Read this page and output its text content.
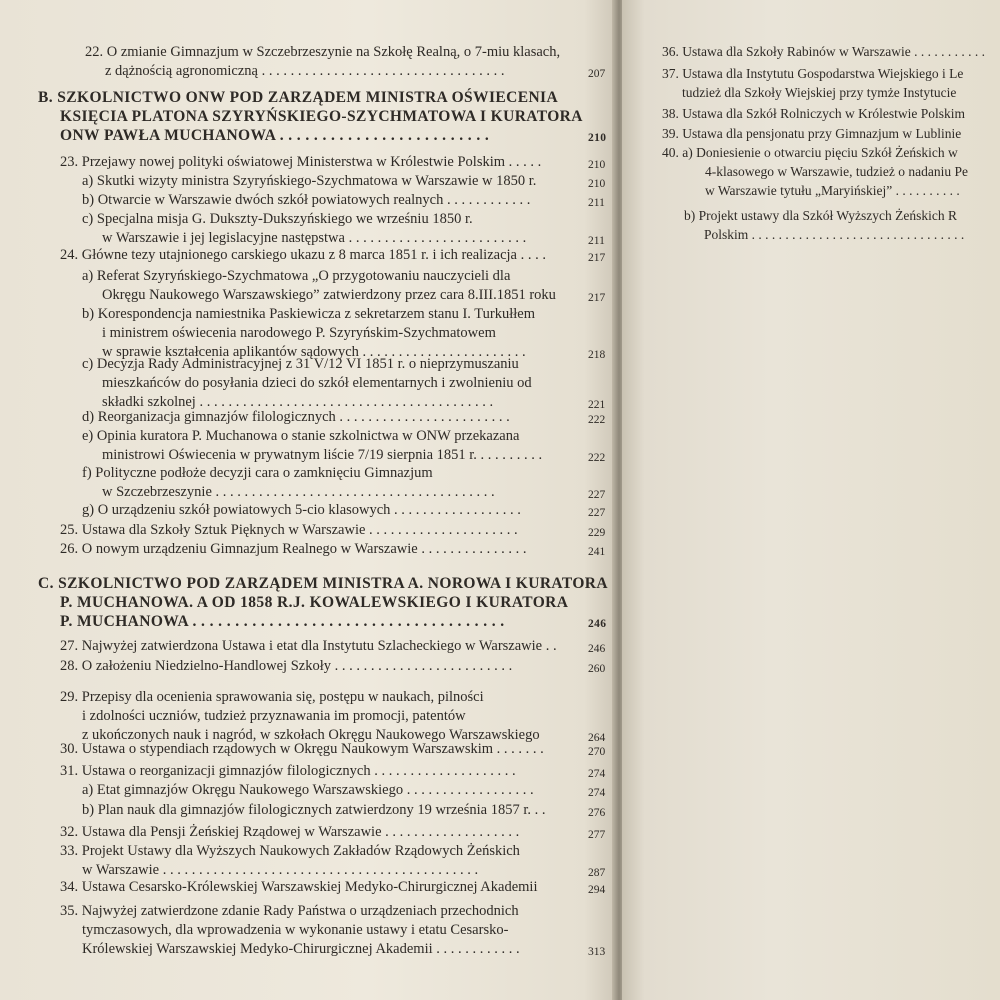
22. O zmianie Gimnazjum w Szczebrzeszynie na Szkołę Realną, o 7-miu klasach,
z dążnością agronomiczną . . . . . . . . . . . . . . . . . . . . . . . . . . . . . . . . . .	207
B. SZKOLNICTWO ONW POD ZARZĄDEM MINISTRA OŚWIECENIA
KSIĘCIA PLATONA SZYRYŃSKIEGO-SZYCHMATOWA I KURATORA
ONW PAWŁA MUCHANOWA . . . . . . . . . . . . . . . . . . . . . . . . .	210
23. Przejawy nowej polityki oświatowej Ministerstwa w Królestwie Polskim . . . . .	210
a) Skutki wizyty ministra Szyryńskiego-Szychmatowa w Warszawie w 1850 r.	210
b) Otwarcie w Warszawie dwóch szkół powiatowych realnych . . . . . . . . . . . .	211
c) Specjalna misja G. Dukszty-Dukszyńskiego we wrześniu 1850 r.
w Warszawie i jej legislacyjne następstwa . . . . . . . . . . . . . . . . . . . . . . . . .	211
24. Główne tezy utajnionego carskiego ukazu z 8 marca 1851 r. i ich realizacja . . . .	217
a) Referat Szyryńskiego-Szychmatowa „O przygotowaniu nauczycieli dla
Okręgu Naukowego Warszawskiego” zatwierdzony przez cara 8.III.1851 roku	217
b) Korespondencja namiestnika Paskiewicza z sekretarzem stanu I. Turkułłem
i ministrem oświecenia narodowego P. Szyryńskim-Szychmatowem
w sprawie kształcenia aplikantów sądowych . . . . . . . . . . . . . . . . . . . . . . .	218
c) Decyzja Rady Administracyjnej z 31 V/12 VI 1851 r. o nieprzymuszaniu
mieszkańców do posyłania dzieci do szkół elementarnych i zwolnieniu od
składki szkolnej . . . . . . . . . . . . . . . . . . . . . . . . . . . . . . . . . . . . . . . . .	221
d) Reorganizacja gimnazjów filologicznych . . . . . . . . . . . . . . . . . . . . . . . .	222
e) Opinia kuratora P. Muchanowa o stanie szkolnictwa w ONW przekazana
ministrowi Oświecenia w prywatnym liście 7/19 sierpnia 1851 r. . . . . . . . . .	222
f) Polityczne podłoże decyzji cara o zamknięciu Gimnazjum
w Szczebrzeszynie . . . . . . . . . . . . . . . . . . . . . . . . . . . . . . . . . . . . . . .	227
g) O urządzeniu szkół powiatowych 5-cio klasowych . . . . . . . . . . . . . . . . . .	227
25. Ustawa dla Szkoły Sztuk Pięknych w Warszawie . . . . . . . . . . . . . . . . . . . . .	229
26. O nowym urządzeniu Gimnazjum Realnego w Warszawie . . . . . . . . . . . . . . .	241
C. SZKOLNICTWO POD ZARZĄDEM MINISTRA A. NOROWA I KURATORA
P. MUCHANOWA. A OD 1858 R.J. KOWALEWSKIEGO I KURATORA
P. MUCHANOWA . . . . . . . . . . . . . . . . . . . . . . . . . . . . . . . . . . . . .	246
27. Najwyżej zatwierdzona Ustawa i etat dla Instytutu Szlacheckiego w Warszawie . .	246
28. O założeniu Niedzielno-Handlowej Szkoły . . . . . . . . . . . . . . . . . . . . . . . . .	260
29. Przepisy dla ocenienia sprawowania się, postępu w naukach, pilności
i zdolności uczniów, tudzież przyznawania im promocji, patentów
z ukończonych nauk i nagród, w szkołach Okręgu Naukowego Warszawskiego	264
30. Ustawa o stypendiach rządowych w Okręgu Naukowym Warszawskim . . . . . . .	270
31. Ustawa o reorganizacji gimnazjów filologicznych . . . . . . . . . . . . . . . . . . . .	274
a) Etat gimnazjów Okręgu Naukowego Warszawskiego . . . . . . . . . . . . . . . . . .	274
b) Plan nauk dla gimnazjów filologicznych zatwierdzony 19 września 1857 r. . .	276
32. Ustawa dla Pensji Żeńskiej Rządowej w Warszawie . . . . . . . . . . . . . . . . . . .	277
33. Projekt Ustawy dla Wyższych Naukowych Zakładów Rządowych Żeńskich
w Warszawie . . . . . . . . . . . . . . . . . . . . . . . . . . . . . . . . . . . . . . . . . . . .	287
34. Ustawa Cesarsko-Królewskiej Warszawskiej Medyko-Chirurgicznej Akademii	294
35. Najwyżej zatwierdzone zdanie Rady Państwa o urządzeniach przechodnich
tymczasowych, dla wprowadzenia w wykonanie ustawy i etatu Cesarsko-
Królewskiej Warszawskiej Medyko-Chirurgicznej Akademii . . . . . . . . . . . .	313
36. Ustawa dla Szkoły Rabinów w Warszawie . . . . . . . . . . .
37. Ustawa dla Instytutu Gospodarstwa Wiejskiego i Le
tudzież dla Szkoły Wiejskiej przy tymże Instytucie
38. Ustawa dla Szkół Rolniczych w Królestwie Polskim
39. Ustawa dla pensjonatu przy Gimnazjum w Lublinie
40. a) Doniesienie o otwarciu pięciu Szkół Żeńskich w
4-klasowego w Warszawie, tudzież o nadaniu Pe
w Warszawie tytułu „Maryińskiej” . . . . . . . . . .
b) Projekt ustawy dla Szkół Wyższych Żeńskich R
Polskim . . . . . . . . . . . . . . . . . . . . . . . . . . . . . . . .
